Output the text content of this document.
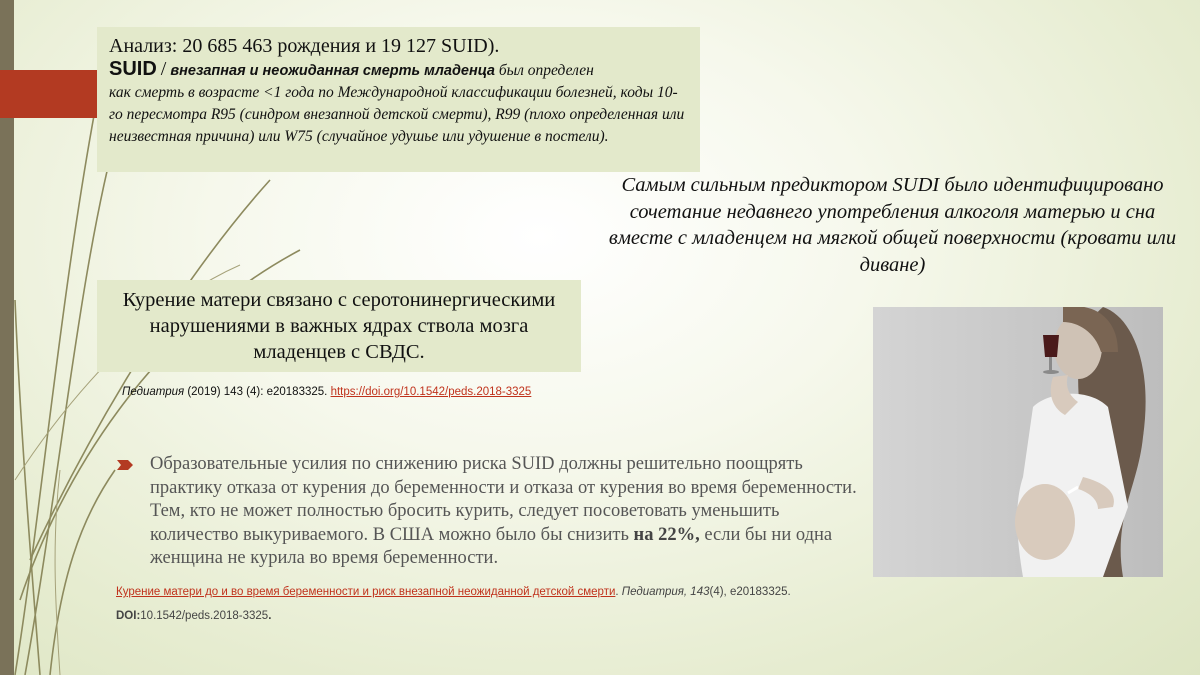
Анализ: 20 685 463 рождения и 19 127 SUID).
SUID / внезапная и неожиданная смерть младенца был определен
как смерть в возрасте <1 года по Международной классификации болезней, коды 10-го пересмотра R95 (синдром внезапной детской смерти), R99 (плохо определенная или неизвестная причина) или W75 (случайное удушье или удушение в постели).
Самым сильным предиктором SUDI было идентифицировано сочетание недавнего употребления алкоголя матерью и сна вместе с младенцем на мягкой общей поверхности (кровати или диване)
Курение матери связано с серотонинергическими нарушениями в важных ядрах ствола мозга младенцев с СВДС.
Педиатрия (2019) 143 (4): e20183325. https://doi.org/10.1542/peds.2018-3325
Образовательные усилия по снижению риска SUID должны решительно поощрять практику отказа от курения до беременности и отказа от курения во время беременности. Тем, кто не может полностью бросить курить, следует посоветовать уменьшить количество выкуриваемого. В США можно было бы снизить на 22%, если бы ни одна женщина не курила во время беременности.
Курение матери до и во время беременности и риск внезапной неожиданной детской смерти. Педиатрия, 143(4), e20183325. DOI:10.1542/peds.2018-3325.
